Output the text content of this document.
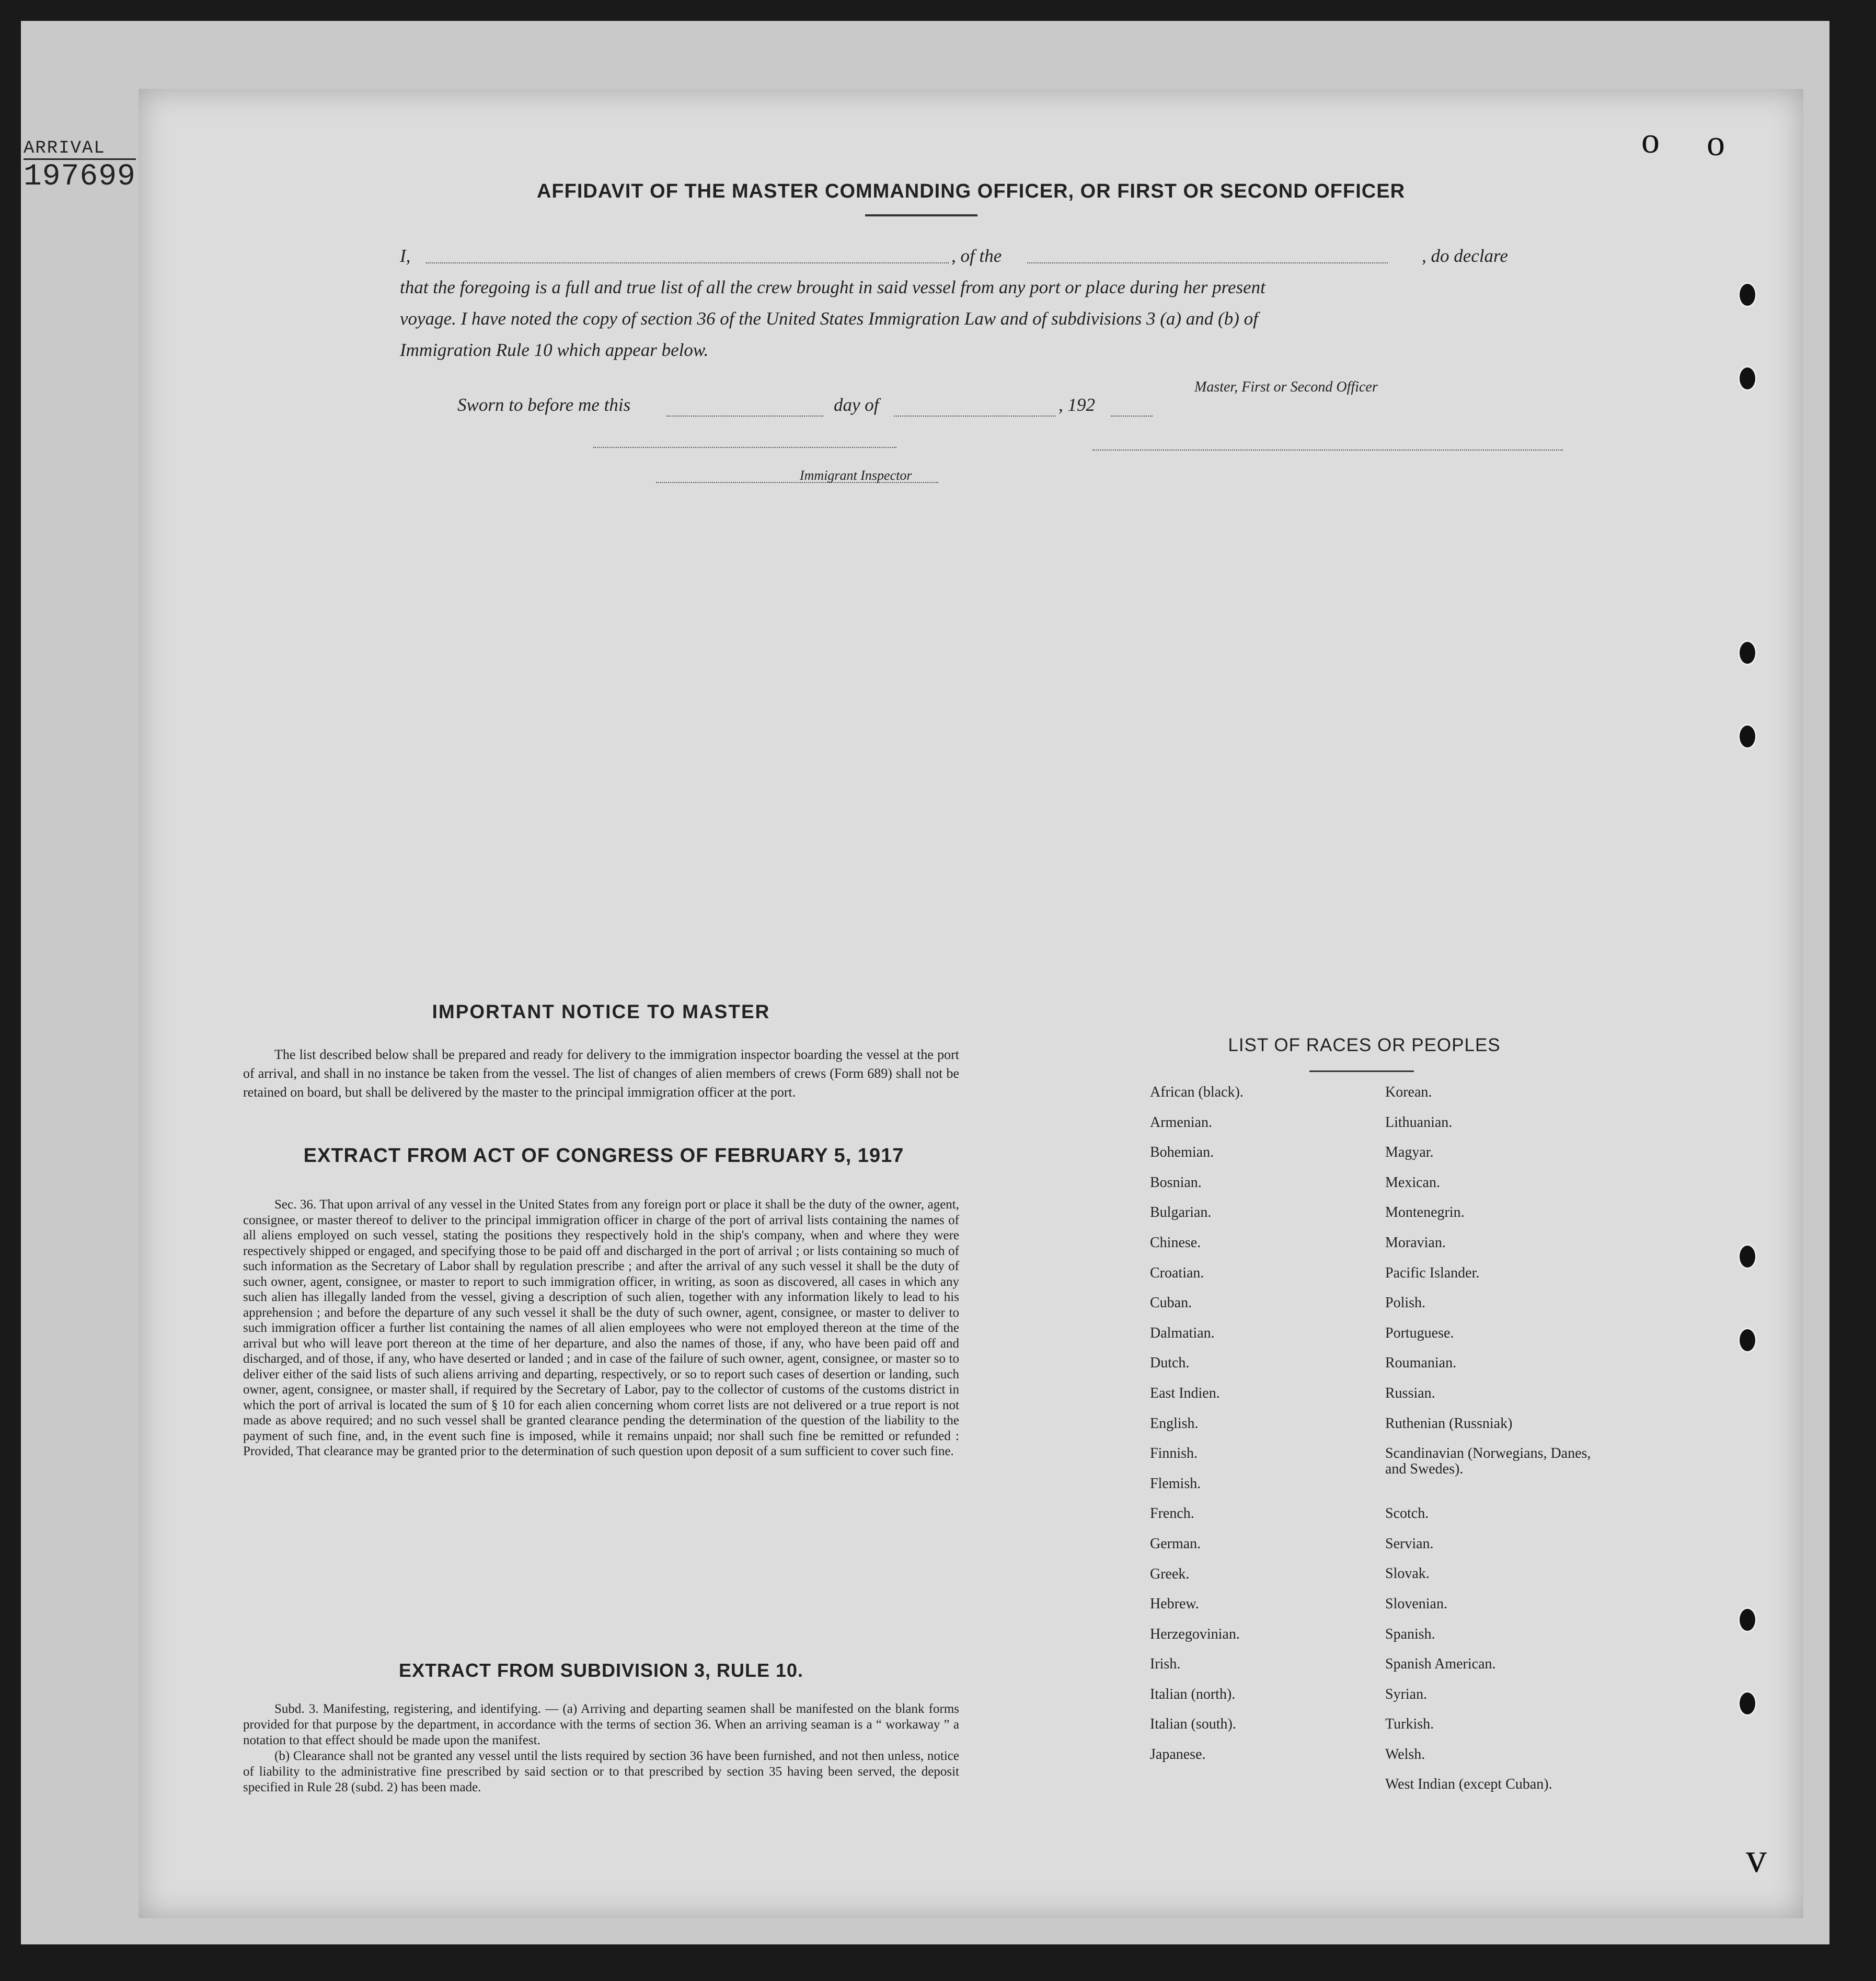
ARRIVAL
197699	AFFIDAVIT OF THE MASTER COMMANDING OFFICER, OR FIRST OR SECOND OFFICER
I,	, of the	, do declare
that the foregoing is a full and true list of all the crew brought in said vessel from any port or place during her present
voyage. I have noted the copy of section 36 of the United States Immigration Law and of subdivisions 3 (a) and (b) of
Immigration Rule 10 which appear below.
Master, First or Second Officer
Sworn to before me this	day of	, 192
Immigrant Inspector
IMPORTANT NOTICE TO MASTER

The list described below shall be prepared and ready for delivery to the immigration inspector boarding the vessel at the port of arrival, and shall in no instance be taken from the vessel. The list of changes of alien members of crews (Form 689) shall not be retained on board, but shall be delivered by the master to the principal immigration officer at the port.

EXTRACT FROM ACT OF CONGRESS OF FEBRUARY 5, 1917

Sec. 36. That upon arrival of any vessel in the United States from any foreign port or place it shall be the duty of the owner, agent, consignee, or master thereof to deliver to the principal immigration officer in charge of the port of arrival lists containing the names of all aliens employed on such vessel, stating the positions they respectively hold in the ship's company, when and where they were respectively shipped or engaged, and specifying those to be paid off and discharged in the port of arrival ; or lists containing so much of such information as the Secretary of Labor shall by regulation prescribe ; and after the arrival of any such vessel it shall be the duty of such owner, agent, consignee, or master to report to such immigration officer, in writing, as soon as discovered, all cases in which any such alien has illegally landed from the vessel, giving a description of such alien, together with any information likely to lead to his apprehension ; and before the departure of any such vessel it shall be the duty of such owner, agent, consignee, or master to deliver to such immigration officer a further list containing the names of all alien employees who were not employed thereon at the time of the arrival but who will leave port thereon at the time of her departure, and also the names of those, if any, who have been paid off and discharged, and of those, if any, who have deserted or landed ; and in case of the failure of such owner, agent, consignee, or master so to deliver either of the said lists of such aliens arriving and departing, respectively, or so to report such cases of desertion or landing, such owner, agent, consignee, or master shall, if required by the Secretary of Labor, pay to the collector of customs of the customs district in which the port of arrival is located the sum of § 10 for each alien concerning whom corret lists are not delivered or a true report is not made as above required; and no such vessel shall be granted clearance pending the determination of the question of the liability to the payment of such fine, and, in the event such fine is imposed, while it remains unpaid; nor shall such fine be remitted or refunded : Provided, That clearance may be granted prior to the determination of such question upon deposit of a sum sufficient to cover such fine.

EXTRACT FROM SUBDIVISION 3, RULE 10.

Subd. 3. Manifesting, registering, and identifying. — (a) Arriving and departing seamen shall be manifested on the blank forms provided for that purpose by the department, in accordance with the terms of section 36. When an arriving seaman is a “ workaway ” a notation to that effect should be made upon the manifest.

(b) Clearance shall not be granted any vessel until the lists required by section 36 have been furnished, and not then unless, notice of liability to the administrative fine prescribed by said section or to that prescribed by section 35 having been served, the deposit specified in Rule 28 (subd. 2) has been made.

LIST OF RACES OR PEOPLES
African (black).
Armenian.
Bohemian.
Bosnian.
Bulgarian.
Chinese.
Croatian.
Cuban.
Dalmatian.
Dutch.
East Indien.
English.
Finnish.
Flemish.
French.
German.
Greek.
Hebrew.
Herzegovinian.
Irish.
Italian (north).
Italian (south).
Japanese.
Korean.
Lithuanian.
Magyar.
Mexican.
Montenegrin.
Moravian.
Pacific Islander.
Polish.
Portuguese.
Roumanian.
Russian.
Ruthenian (Russniak)
Scandinavian (Norwegians, Danes, and Swedes).
Scotch.
Servian.
Slovak.
Slovenian.
Spanish.
Spanish American.
Syrian.
Turkish.
Welsh.
West Indian (except Cuban).
o o
v
